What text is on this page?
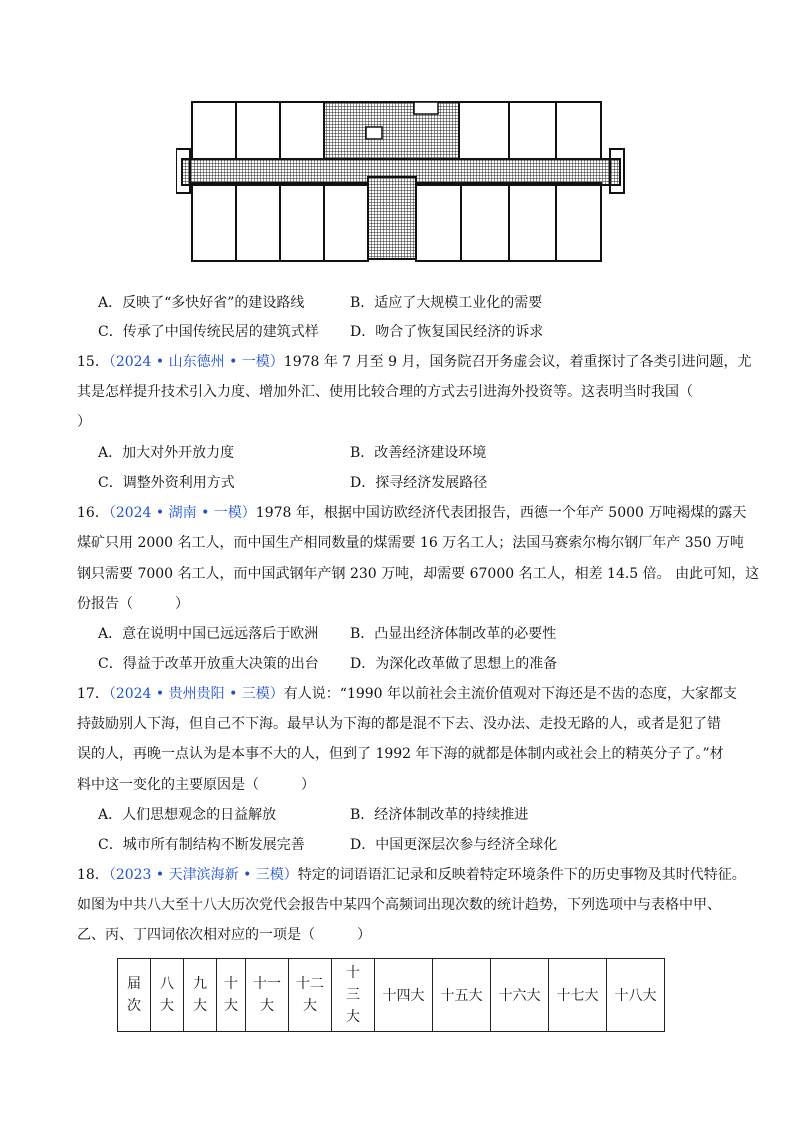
A．反映了“多快好省”的建设路线	B．适应了大规模工业化的需要
C．传承了中国传统民居的建筑式样 D．吻合了恢复国民经济的诉求
15．（2024 • 山东德州 • 一模）1978 年 7 月至 9 月，国务院召开务虚会议，着重探讨了各类引进问题，尤
其是怎样提升技术引入力度、增加外汇、使用比较合理的方式去引进海外投资等。这表明当时我国（
）
A．加大对外开放力度	B．改善经济建设环境
C．调整外资利用方式	D．探寻经济发展路径
16．（2024 • 湖南 • 一模）1978 年，根据中国访欧经济代表团报告，西德一个年产 5000 万吨褐煤的露天
煤矿只用 2000 名工人，而中国生产相同数量的煤需要 16 万名工人；法国马赛索尔梅尔钢厂年产 350 万吨
钢只需要 7000 名工人，而中国武钢年产钢 230 万吨，却需要 67000 名工人，相差 14.5 倍。 由此可知，这
份报告（　　　）
A．意在说明中国已远远落后于欧洲 B．凸显出经济体制改革的必要性
C．得益于改革开放重大决策的出台 D．为深化改革做了思想上的准备
17．（2024 • 贵州贵阳 • 三模）有人说：“1990 年以前社会主流价值观对下海还是不齿的态度，大家都支
持鼓励别人下海，但自己不下海。最早认为下海的都是混不下去、没办法、走投无路的人，或者是犯了错
误的人，再晚一点认为是本事不大的人，但到了 1992 年下海的就都是体制内或社会上的精英分子了。”材
料中这一变化的主要原因是（　　　）
A．人们思想观念的日益解放	B．经济体制改革的持续推进
C．城市所有制结构不断发展完善	D．中国更深层次参与经济全球化
18．（2023 • 天津滨海新 • 三模）特定的词语语汇记录和反映着特定环境条件下的历史事物及其时代特征。
如图为中共八大至十八大历次党代会报告中某四个高频词出现次数的统计趋势，下列选项中与表格中甲、
乙、丙、丁四词依次相对应的一项是（　　　）
届次	八大	九大	十大	十一大	十二大	十三大	十四大	十五大	十六大	十七大	十八大
